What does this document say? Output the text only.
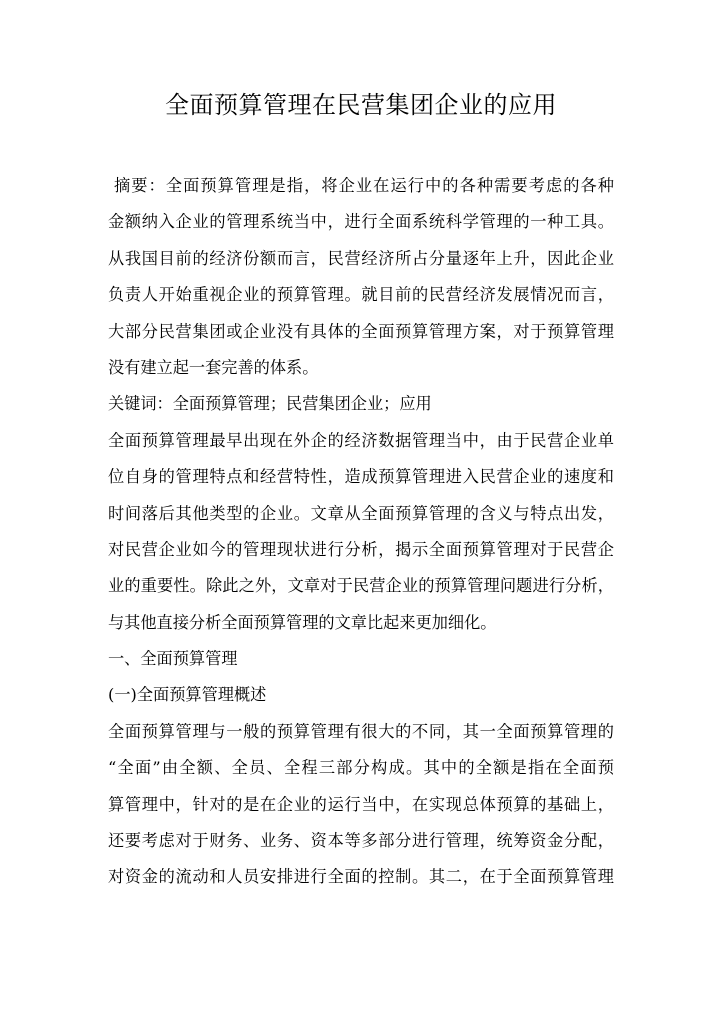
全面预算管理在民营集团企业的应用
摘要：全面预算管理是指，将企业在运行中的各种需要考虑的各种
金额纳入企业的管理系统当中，进行全面系统科学管理的一种工具。
从我国目前的经济份额而言，民营经济所占分量逐年上升，因此企业
负责人开始重视企业的预算管理。就目前的民营经济发展情况而言，
大部分民营集团或企业没有具体的全面预算管理方案，对于预算管理
没有建立起一套完善的体系。
关键词：全面预算管理；民营集团企业；应用
全面预算管理最早出现在外企的经济数据管理当中，由于民营企业单
位自身的管理特点和经营特性，造成预算管理进入民营企业的速度和
时间落后其他类型的企业。文章从全面预算管理的含义与特点出发，
对民营企业如今的管理现状进行分析，揭示全面预算管理对于民营企
业的重要性。除此之外，文章对于民营企业的预算管理问题进行分析，
与其他直接分析全面预算管理的文章比起来更加细化。
一、全面预算管理
(一)全面预算管理概述
全面预算管理与一般的预算管理有很大的不同，其一全面预算管理的
“全面”由全额、全员、全程三部分构成。其中的全额是指在全面预
算管理中，针对的是在企业的运行当中，在实现总体预算的基础上，
还要考虑对于财务、业务、资本等多部分进行管理，统筹资金分配，
对资金的流动和人员安排进行全面的控制。其二，在于全面预算管理
